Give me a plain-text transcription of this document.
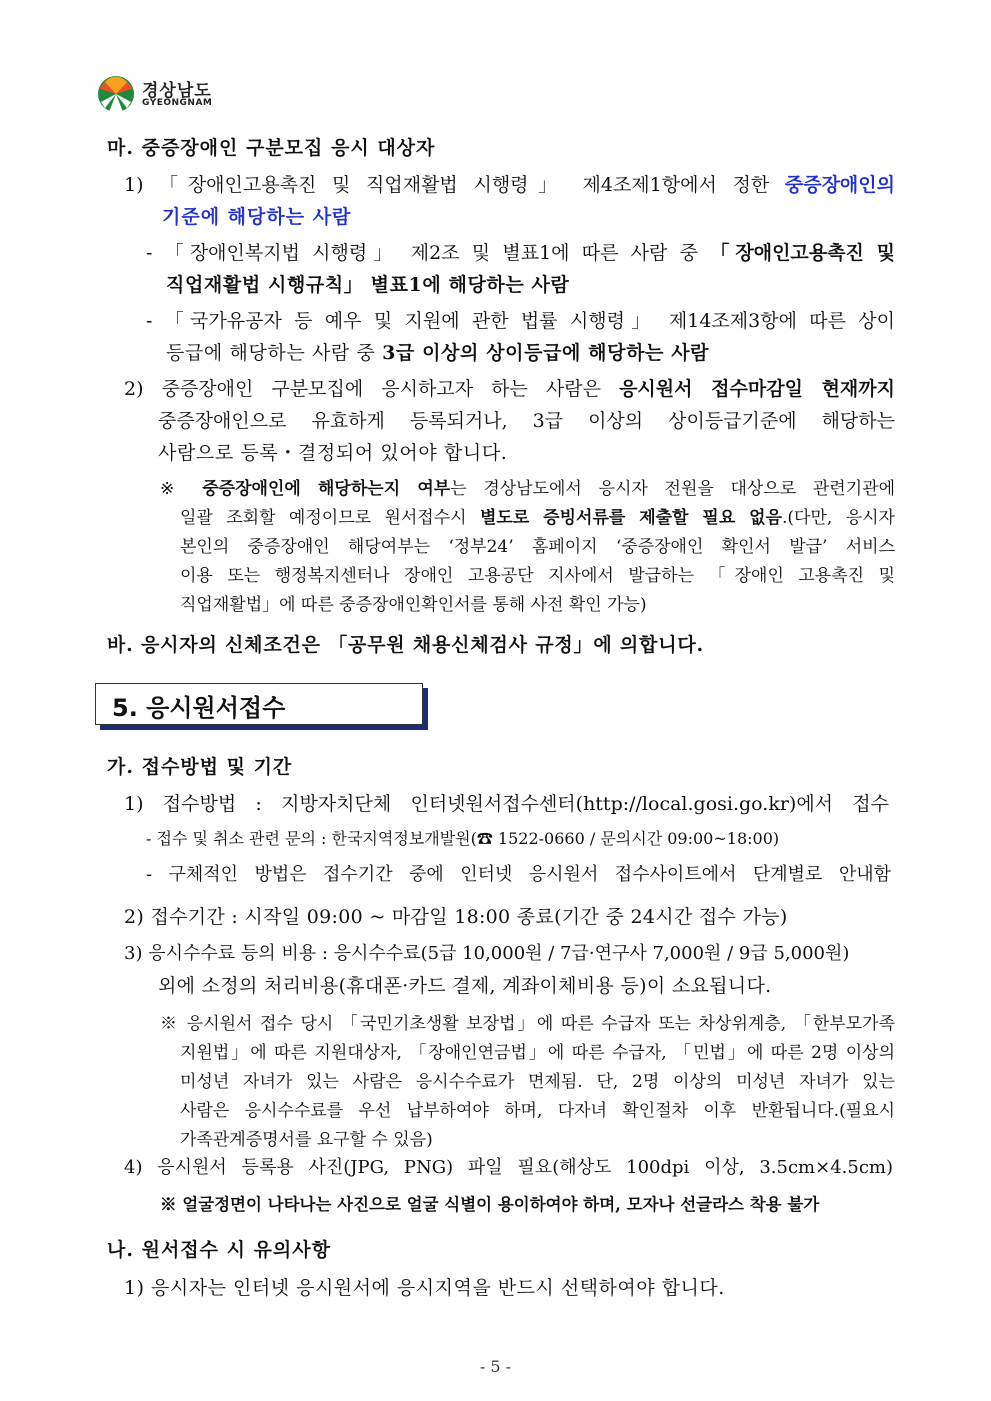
경상남도
GYEONGNAM
마. 중증장애인 구분모집 응시 대상자
1) 「장애인고용촉진 및 직업재활법 시행령」 제4조제1항에서 정한 중증장애인의
기준에 해당하는 사람
- 「장애인복지법 시행령」 제2조 및 별표1에 따른 사람 중 「장애인고용촉진 및
직업재활법 시행규칙」 별표1에 해당하는 사람
- 「국가유공자 등 예우 및 지원에 관한 법률 시행령」 제14조제3항에 따른 상이
등급에 해당하는 사람 중 3급 이상의 상이등급에 해당하는 사람
2) 중증장애인 구분모집에 응시하고자 하는 사람은 응시원서 접수마감일 현재까지
중증장애인으로 유효하게 등록되거나, 3급 이상의 상이등급기준에 해당하는
사람으로 등록・결정되어 있어야 합니다.
※ 중증장애인에 해당하는지 여부는 경상남도에서 응시자 전원을 대상으로 관련기관에
일괄 조회할 예정이므로 원서접수시 별도로 증빙서류를 제출할 필요 없음.(다만, 응시자
본인의 중증장애인 해당여부는 ‘정부24’ 홈페이지 ‘중증장애인 확인서 발급’ 서비스
이용 또는 행정복지센터나 장애인 고용공단 지사에서 발급하는 「장애인 고용촉진 및
직업재활법」에 따른 중증장애인확인서를 통해 사전 확인 가능)
바. 응시자의 신체조건은 「공무원 채용신체검사 규정」에 의합니다.
5. 응시원서접수
가. 접수방법 및 기간
1) 접수방법 : 지방자치단체 인터넷원서접수센터(http://local.gosi.go.kr)에서 접수
- 접수 및 취소 관련 문의 : 한국지역정보개발원(☎ 1522-0660 / 문의시간 09:00~18:00)
- 구체적인 방법은 접수기간 중에 인터넷 응시원서 접수사이트에서 단계별로 안내함
2) 접수기간 : 시작일 09:00 ~ 마감일 18:00 종료(기간 중 24시간 접수 가능)
3) 응시수수료 등의 비용 : 응시수수료(5급 10,000원 / 7급·연구사 7,000원 / 9급 5,000원)
외에 소정의 처리비용(휴대폰·카드 결제, 계좌이체비용 등)이 소요됩니다.
※ 응시원서 접수 당시 「국민기초생활 보장법」에 따른 수급자 또는 차상위계층, 「한부모가족
지원법」에 따른 지원대상자, 「장애인연금법」에 따른 수급자, 「민법」에 따른 2명 이상의
미성년 자녀가 있는 사람은 응시수수료가 면제됨. 단, 2명 이상의 미성년 자녀가 있는
사람은 응시수수료를 우선 납부하여야 하며, 다자녀 확인절차 이후 반환됩니다.(필요시
가족관계증명서를 요구할 수 있음)
4) 응시원서 등록용 사진(JPG, PNG) 파일 필요(해상도 100dpi 이상, 3.5cm×4.5cm)
※ 얼굴정면이 나타나는 사진으로 얼굴 식별이 용이하여야 하며, 모자나 선글라스 착용 불가
나. 원서접수 시 유의사항
1) 응시자는 인터넷 응시원서에 응시지역을 반드시 선택하여야 합니다.
- 5 -
